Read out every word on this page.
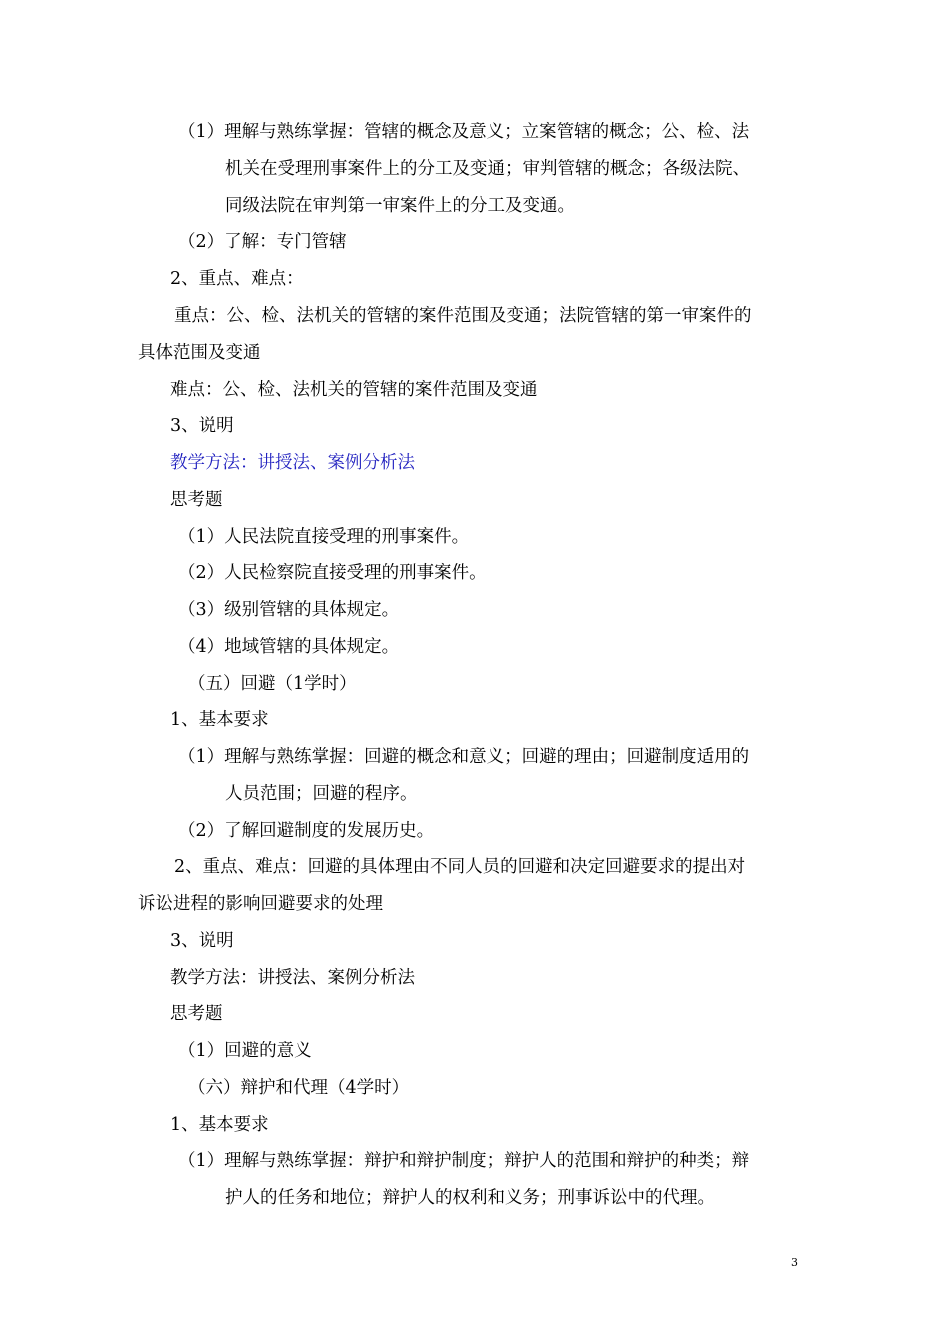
（1）理解与熟练掌握：管辖的概念及意义；立案管辖的概念；公、检、法
机关在受理刑事案件上的分工及变通；审判管辖的概念；各级法院、
同级法院在审判第一审案件上的分工及变通。
（2）了解：专门管辖
2、重点、难点：
重点：公、检、法机关的管辖的案件范围及变通；法院管辖的第一审案件的
具体范围及变通
难点：公、检、法机关的管辖的案件范围及变通
3、说明
教学方法：讲授法、案例分析法
思考题
（1）人民法院直接受理的刑事案件。
（2）人民检察院直接受理的刑事案件。
（3）级别管辖的具体规定。
（4）地域管辖的具体规定。
（五）回避（1学时）
1、基本要求
（1）理解与熟练掌握：回避的概念和意义；回避的理由；回避制度适用的
人员范围；回避的程序。
（2）了解回避制度的发展历史。
2、重点、难点：回避的具体理由不同人员的回避和决定回避要求的提出对
诉讼进程的影响回避要求的处理
3、说明
教学方法：讲授法、案例分析法
思考题
（1）回避的意义
（六）辩护和代理（4学时）
1、基本要求
（1）理解与熟练掌握：辩护和辩护制度；辩护人的范围和辩护的种类；辩
护人的任务和地位；辩护人的权利和义务；刑事诉讼中的代理。
3
